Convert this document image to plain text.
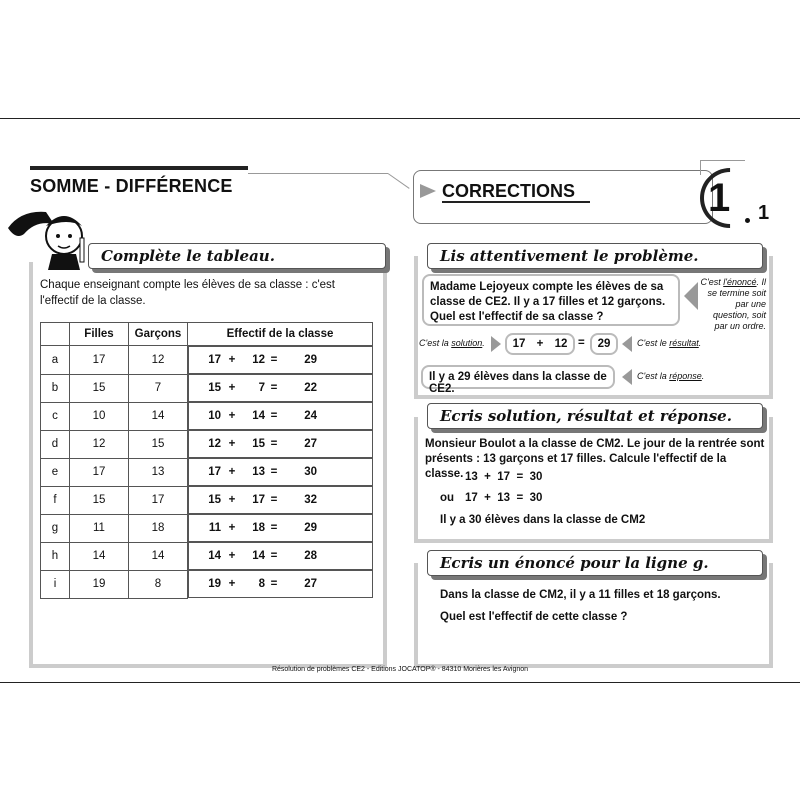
SOMME - DIFFÉRENCE
Complète le tableau.
Chaque enseignant compte les élèves de sa classe : c'est l'effectif de la classe.
	Filles	Garçons	Effectif de la classe
a	17	12		17 +	12 =	29

b	15	7		15 +	7 =	22

c	10	14		10 +	14 =	24

d	12	15		12 +	15 =	27

e	17	13		17 +	13 =	30

f	15	17		15 +	17 =	32

g	11	18		11 +	18 =	29

h	14	14		14 +	14 =	28

i	19	8		19 +	8 =	27
CORRECTIONS	1 1
Lis attentivement le problème.
Madame Lejoyeux compte les élèves de sa classe de CE2. Il y a 17 filles et 12 garçons. Quel est l'effectif de sa classe ?
C'est l'énoncé. Il se termine soit par une question, soit par un ordre.
C'est la solution. 17 + 12 =	29	C'est le résultat.
Il y a 29 élèves dans la classe de CE2.
C'est la réponse.
Ecris solution, résultat et réponse.
Monsieur Boulot a la classe de CM2. Le jour de la rentrée sont présents : 13 garçons et 17 filles. Calcule l'effectif de la classe. 13  +  17  =  30
ou 17  +  13  =  30
Il y a 30 élèves dans la classe de CM2
Ecris un énoncé pour la ligne g.
Dans la classe de CM2, il y a 11 filles et 18 garçons.
Quel est l'effectif de cette classe ?
Résolution de problèmes CE2 - Editions JOCATOP® - 84310 Morières les Avignon
